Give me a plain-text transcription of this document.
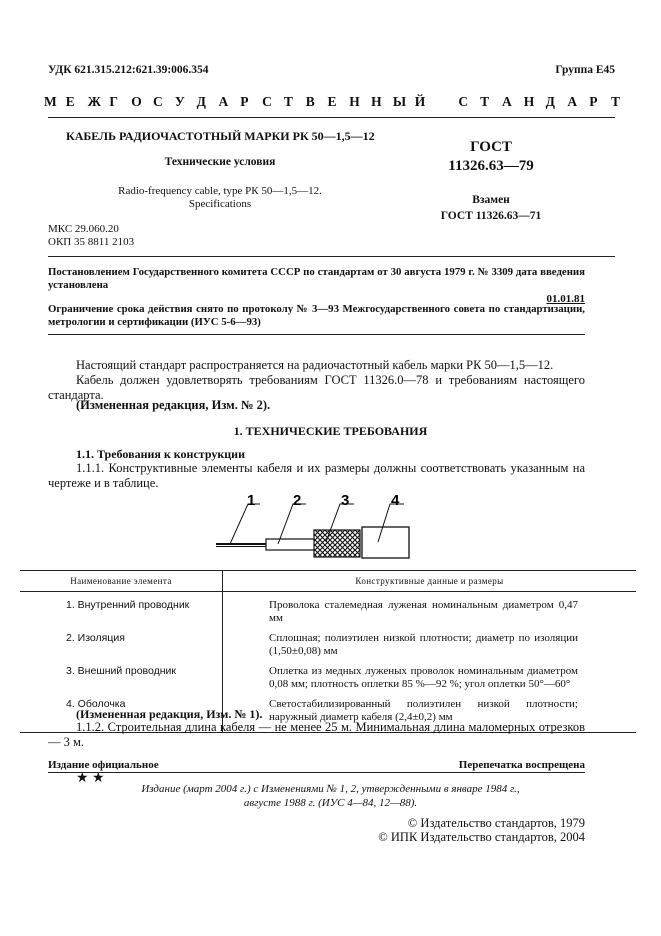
УДК 621.315.212:621.39:006.354	Группа Е45
М Е Ж Г О С У Д А Р С Т В Е Н Н Ы Й С Т А Н Д А Р Т
КАБЕЛЬ РАДИОЧАСТОТНЫЙ МАРКИ РК 50—1,5—12
Технические условия
Radio-frequency cable, type РК 50—1,5—12.
Specifications
ГОСТ
11326.63—79
Взамен
ГОСТ 11326.63—71
МКС 29.060.20
ОКП 35 8811 2103
Постановлением Государственного комитета СССР по стандартам от 30 августа 1979 г. № 3309 дата введения установлена
01.01.81
Ограничение срока действия снято по протоколу № 3—93 Межгосударственного совета по стандартизации, метрологии и сертификации (ИУС 5-6—93)
Настоящий стандарт распространяется на радиочастотный кабель марки РК 50—1,5—12.
Кабель должен удовлетворять требованиям ГОСТ 11326.0—78 и требованиям настоящего стандарта.
(Измененная редакция, Изм. № 2).
1. ТЕХНИЧЕСКИЕ ТРЕБОВАНИЯ
1.1. Требования к конструкции
1.1.1. Конструктивные элементы кабеля и их размеры должны соответствовать указанным на чертеже и в таблице.
1	2	3	4
Наименование элемента	Конструктивные данные и размеры
1. Внутренний проводник	Проволока сталемедная луженая номинальным диаметром 0,47 мм
2. Изоляция	Сплошная; полиэтилен низкой плотности; диаметр по изоляции (1,50±0,08) мм
3. Внешний проводник	Оплетка из медных луженых проволок номинальным диаметром 0,08 мм; плотность оплетки 85 %—92 %; угол оплетки 50°—60°
4. Оболочка	Светостабилизированный полиэтилен низкой плотности; наружный диаметр кабеля (2,4±0,2) мм
(Измененная редакция, Изм. № 1).
1.1.2. Строительная длина кабеля — не менее 25 м. Минимальная длина маломерных отрезков — 3 м.
Издание официальное	Перепечатка воспрещена
★ ★
Издание (март 2004 г.) с Изменениями № 1, 2, утвержденными в январе 1984 г.,
августе 1988 г. (ИУС 4—84, 12—88).
© Издательство стандартов, 1979
© ИПК Издательство стандартов, 2004
